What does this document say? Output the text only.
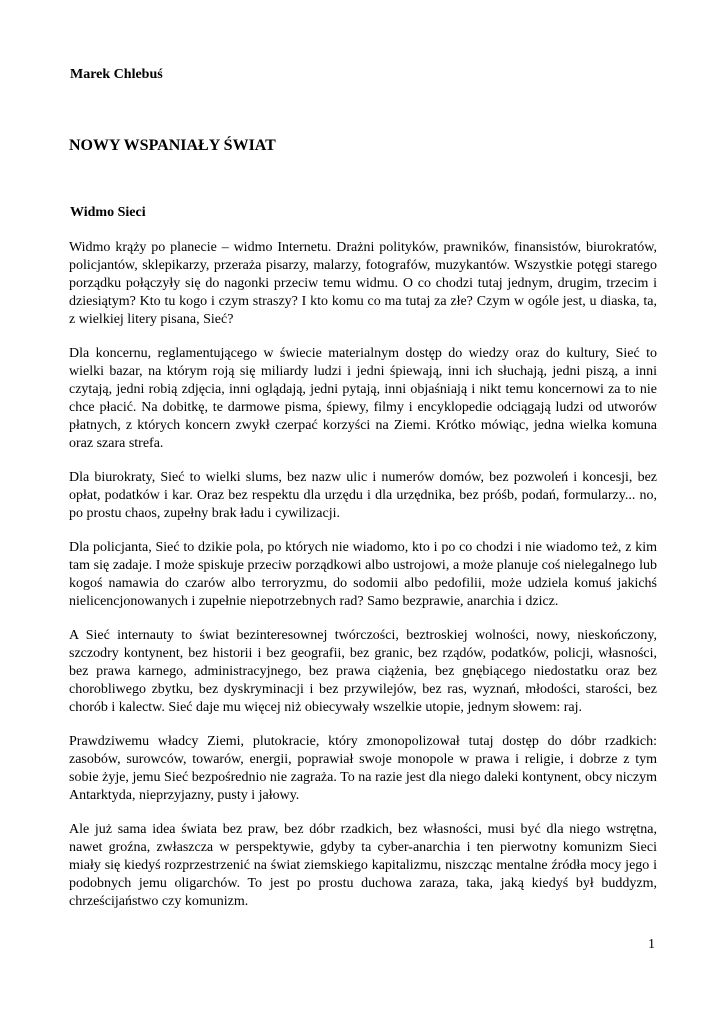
Marek Chlebuś
NOWY WSPANIAŁY ŚWIAT
Widmo Sieci

Widmo krąży po planecie – widmo Internetu. Drażni polityków, prawników, finansistów, biurokratów, policjantów, sklepikarzy, przeraża pisarzy, malarzy, fotografów, muzykantów. Wszystkie potęgi starego porządku połączyły się do nagonki przeciw temu widmu. O co chodzi tutaj jednym, drugim, trzecim i dziesiątym? Kto tu kogo i czym straszy? I kto komu co ma tutaj za złe? Czym w ogóle jest, u diaska, ta, z wielkiej litery pisana, Sieć?

Dla koncernu, reglamentującego w świecie materialnym dostęp do wiedzy oraz do kultury, Sieć to wielki bazar, na którym roją się miliardy ludzi i jedni śpiewają, inni ich słuchają, jedni piszą, a inni czytają, jedni robią zdjęcia, inni oglądają, jedni pytają, inni objaśniają i nikt temu koncernowi za to nie chce płacić. Na dobitkę, te darmowe pisma, śpiewy, filmy i encyklopedie odciągają ludzi od utworów płatnych, z których koncern zwykł czerpać korzyści na Ziemi. Krótko mówiąc, jedna wielka komuna oraz szara strefa.

Dla biurokraty, Sieć to wielki slums, bez nazw ulic i numerów domów, bez pozwoleń i koncesji, bez opłat, podatków i kar. Oraz bez respektu dla urzędu i dla urzędnika, bez próśb, podań, formularzy... no, po prostu chaos, zupełny brak ładu i cywilizacji.

Dla policjanta, Sieć to dzikie pola, po których nie wiadomo, kto i po co chodzi i nie wiadomo też, z kim tam się zadaje. I może spiskuje przeciw porządkowi albo ustrojowi, a może planuje coś nielegalnego lub kogoś namawia do czarów albo terroryzmu, do sodomii albo pedofilii, może udziela komuś jakichś nielicencjonowanych i zupełnie niepotrzebnych rad? Samo bezprawie, anarchia i dzicz.

A Sieć internauty to świat bezinteresownej twórczości, beztroskiej wolności, nowy, nieskończony, szczodry kontynent, bez historii i bez geografii, bez granic, bez rządów, podatków, policji, własności, bez prawa karnego, administracyjnego, bez prawa ciążenia, bez gnębiącego niedostatku oraz bez chorobliwego zbytku, bez dyskryminacji i bez przywilejów, bez ras, wyznań, młodości, starości, bez chorób i kalectw. Sieć daje mu więcej niż obiecywały wszelkie utopie, jednym słowem: raj.

Prawdziwemu władcy Ziemi, plutokracie, który zmonopolizował tutaj dostęp do dóbr rzadkich: zasobów, surowców, towarów, energii, poprawiał swoje monopole w prawa i religie, i dobrze z tym sobie żyje, jemu Sieć bezpośrednio nie zagraża. To na razie jest dla niego daleki kontynent, obcy niczym Antarktyda, nieprzyjazny, pusty i jałowy.

Ale już sama idea świata bez praw, bez dóbr rzadkich, bez własności, musi być dla niego wstrętna, nawet groźna, zwłaszcza w perspektywie, gdyby ta cyber-anarchia i ten pierwotny komunizm Sieci miały się kiedyś rozprzestrzenić na świat ziemskiego kapitalizmu, niszcząc mentalne źródła mocy jego i podobnych jemu oligarchów. To jest po prostu duchowa zaraza, taka, jaką kiedyś był buddyzm, chrześcijaństwo czy komunizm.

1
